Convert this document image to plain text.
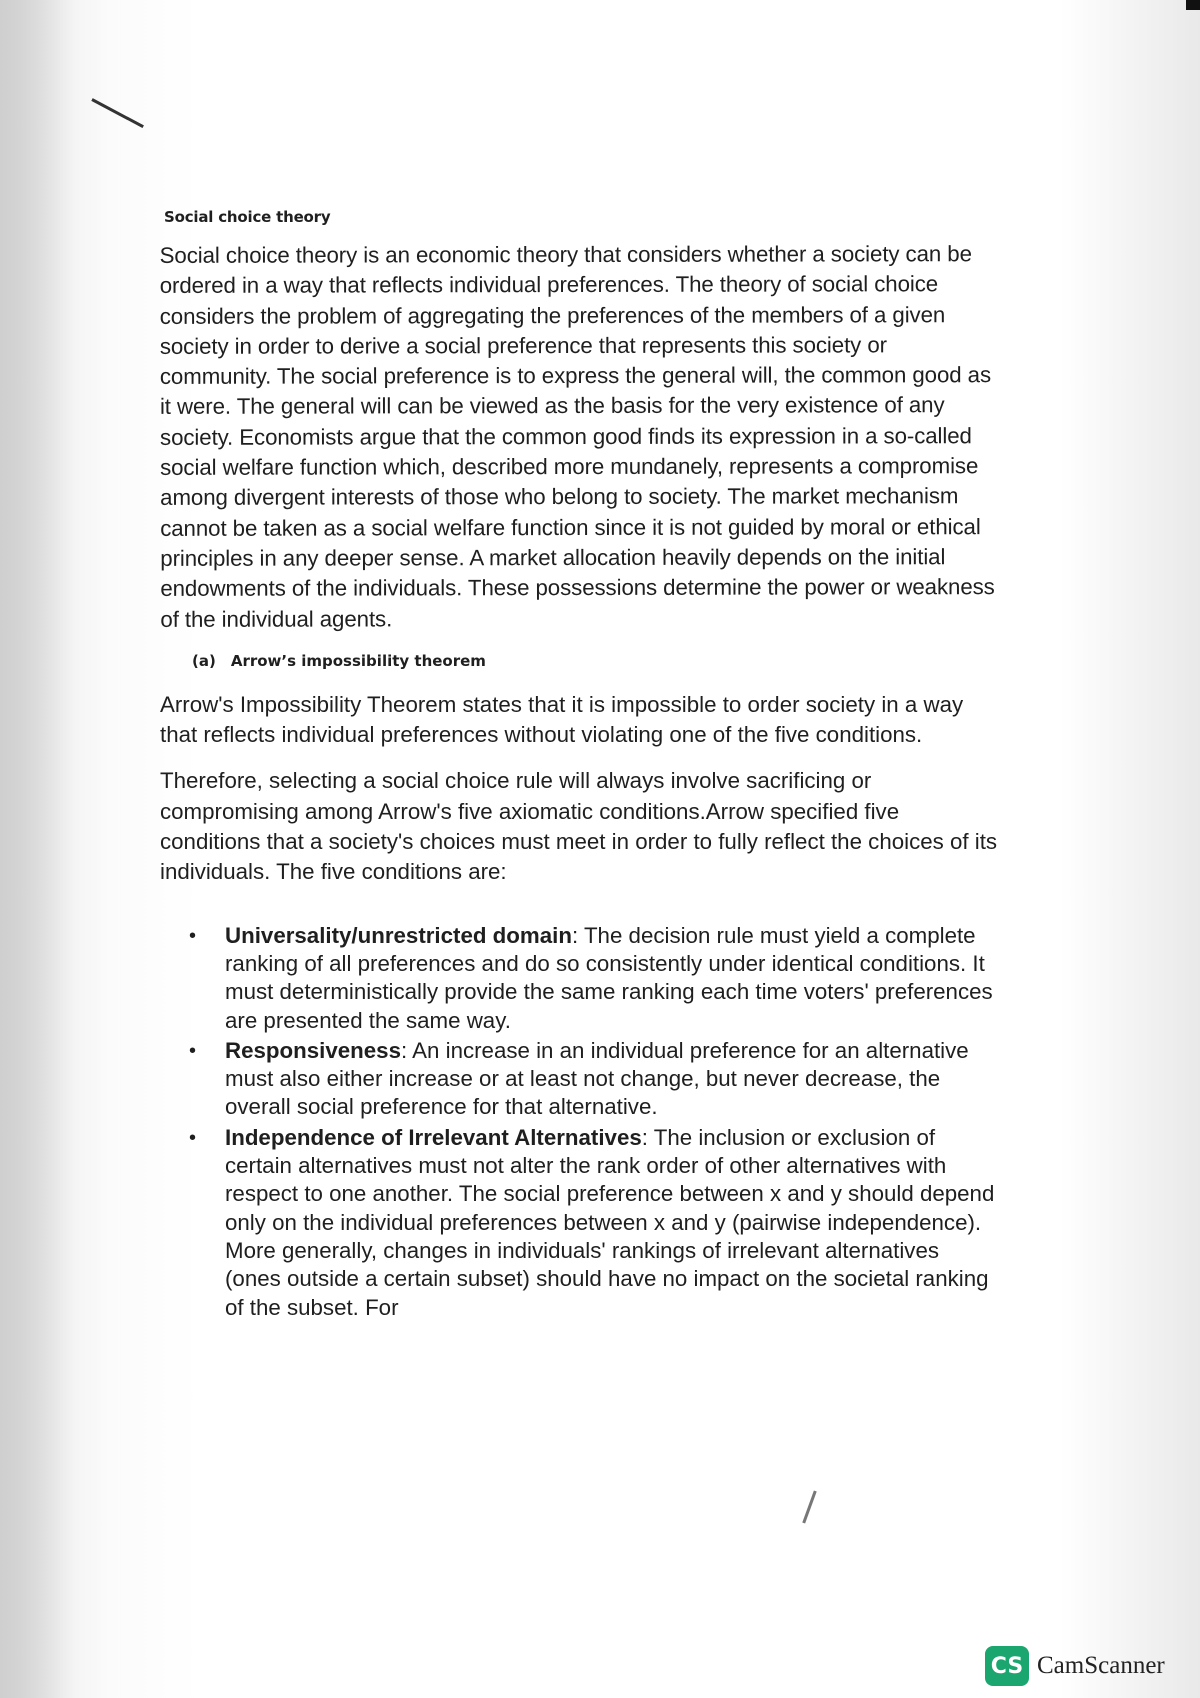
Social choice theory

Social choice theory is an economic theory that considers whether a society can be ordered in a way that reflects individual preferences. The theory of social choice considers the problem of aggregating the preferences of the members of a given society in order to derive a social preference that represents this society or community. The social preference is to express the general will, the common good as it were. The general will can be viewed as the basis for the very existence of any society. Economists argue that the common good finds its expression in a so-called social welfare function which, described more mundanely, represents a compromise among divergent interests of those who belong to society. The market mechanism cannot be taken as a social welfare function since it is not guided by moral or ethical principles in any deeper sense. A market allocation heavily depends on the initial endowments of the individuals. These possessions determine the power or weakness of the individual agents.

(a) Arrow’s impossibility theorem

Arrow's Impossibility Theorem states that it is impossible to order society in a way that reflects individual preferences without violating one of the five conditions.

Therefore, selecting a social choice rule will always involve sacrificing or compromising among Arrow's five axiomatic conditions.Arrow specified five conditions that a society's choices must meet in order to fully reflect the choices of its individuals. The five conditions are:

• Universality/unrestricted domain: The decision rule must yield a complete ranking of all preferences and do so consistently under identical conditions. It must deterministically provide the same ranking each time voters' preferences are presented the same way.
• Responsiveness: An increase in an individual preference for an alternative must also either increase or at least not change, but never decrease, the overall social preference for that alternative.
• Independence of Irrelevant Alternatives: The inclusion or exclusion of certain alternatives must not alter the rank order of other alternatives with respect to one another. The social preference between x and y should depend only on the individual preferences between x and y (pairwise independence). More generally, changes in individuals' rankings of irrelevant alternatives (ones outside a certain subset) should have no impact on the societal ranking of the subset. For
CS CamScanner
